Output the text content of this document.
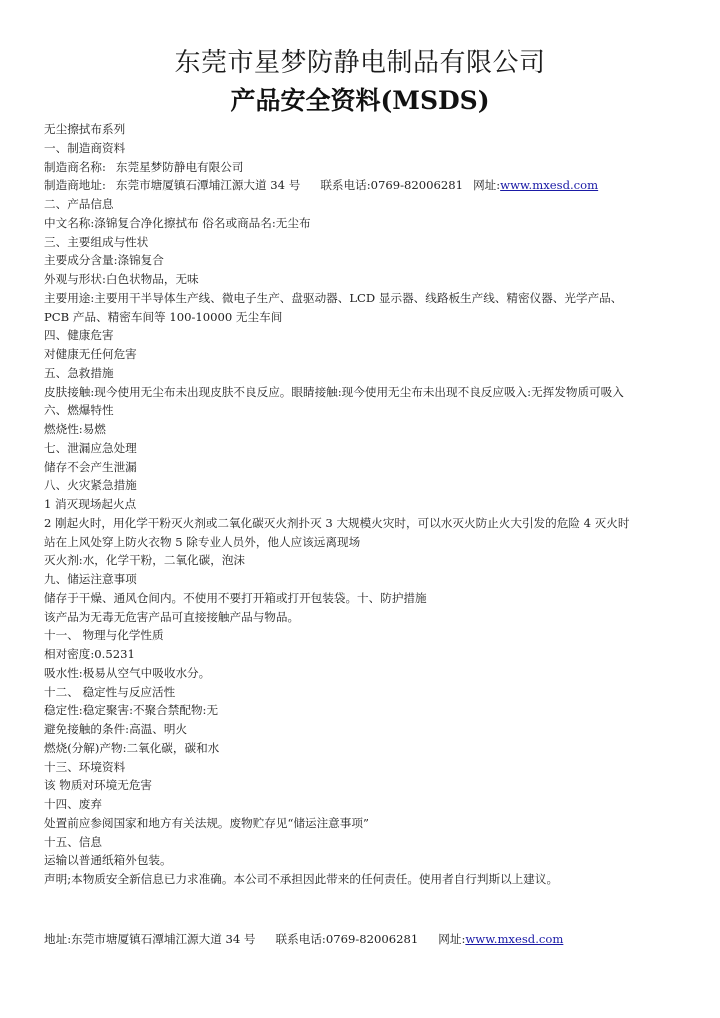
东莞市星梦防静电制品有限公司
产品安全资料(MSDS)
无尘擦拭布系列
一、制造商资料
制造商名称: 东莞星梦防静电有限公司
制造商地址: 东莞市塘厦镇石潭埔江源大道 34 号 联系电话:0769-82006281 网址:www.mxesd.com
二、产品信息
中文名称:涤锦复合净化擦拭布 俗名或商品名:无尘布
三、主要组成与性状
主要成分含量:涤锦复合
外观与形状:白色状物品，无味
主要用途:主要用干半导体生产线、微电子生产、盘驱动器、LCD 显示器、线路板生产线、精密仪器、光学产品、
PCB 产品、精密车间等 100-10000 无尘车间
四、健康危害
对健康无任何危害
五、急救措施
皮肤接触:现今使用无尘布未出现皮肤不良反应。眼睛接触:现今使用无尘布未出现不良反应吸入:无挥发物质可吸入
六、燃爆特性
燃烧性:易燃
七、泄漏应急处理
储存不会产生泄漏
八、火灾紧急措施
1 消灭现场起火点
2 刚起火时，用化学干粉灭火剂或二氧化碳灭火剂扑灭 3 大规模火灾时，可以水灭火防止火大引发的危险 4 灭火时
站在上风处穿上防火衣物 5 除专业人员外，他人应该远离现场
灭火剂:水，化学干粉，二氧化碳，泡沫
九、储运注意事项
储存于干燥、通风仓间内。不使用不要打开箱或打开包装袋。十、防护措施
该产品为无毒无危害产品可直接接触产品与物品。
十一、 物理与化学性质
相对密度:0.5231
吸水性:极易从空气中吸收水分。
十二、 稳定性与反应活性
稳定性:稳定聚害:不聚合禁配物:无
避免接触的条件:高温、明火
燃烧(分解)产物:二氧化碳，碳和水
十三、环境资料
该 物质对环境无危害
十四、废弃
处置前应参阅国家和地方有关法规。废物贮存见“储运注意事项”
十五、信息
运输以普通纸箱外包装。
声明;本物质安全新信息已力求准确。本公司不承担因此带来的任何责任。使用者自行判斯以上建议。
地址:东莞市塘厦镇石潭埔江源大道 34 号 联系电话:0769-82006281 网址:www.mxesd.com
